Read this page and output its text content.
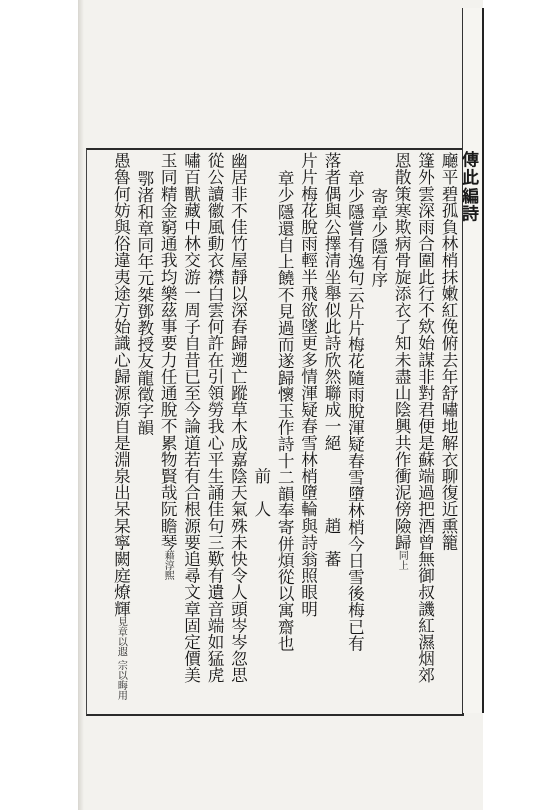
𫝊此編詩
廰平碧孤負林梢抹嫩紅俛俯去年舒嘯地解衣聊復近熏籠
篷外雲深雨合圍此行不欸始謀非對君便是蘇端過把酒曾無御叔譏紅濕烟郊
恩散策寒欺病骨旋添衣了知未盡山陰興共作衝泥傍險歸同上
寄章少隱有序
章少隱嘗有逸句云片片梅花隨雨脫渾疑春雪墮林梢今日雪後梅已有
落者偶與公擇清坐舉似此詩欣然聯成一絕　　　　趙　蕃
片片梅花脫雨輕半飛欲墜更多情渾疑春雪林梢墮輪與詩翁照眼明
章少隱還自上饒不見過而遂歸懷玉作詩十二韻奉寄併煩從以寓齋也
　　　　　　　　　　　　　　　　　　　前　人
幽居非不佳竹屋靜以深春歸遡亡蹤草木成嘉陰天氣殊未快令人頭岑岑忽思
從公讀徽風動衣襟白雲何許在引領勞我心平生誦佳句三歎有遺音端如猛虎
嘯百獸藏中林交游一周子自昔已至今論道若有合根源要追尋文章固定價美
玉同精金窮通我均樂茲事要力任通脫不累物賢哉阮瞻琴藉淳熙
鄂渚和章同年元桀鄧教授友龍徵字韻
愚魯何妨與俗違夷途方始識心歸源源自是淵泉出呆杲寧闕庭燎輝見章以遐 宗以晦用
